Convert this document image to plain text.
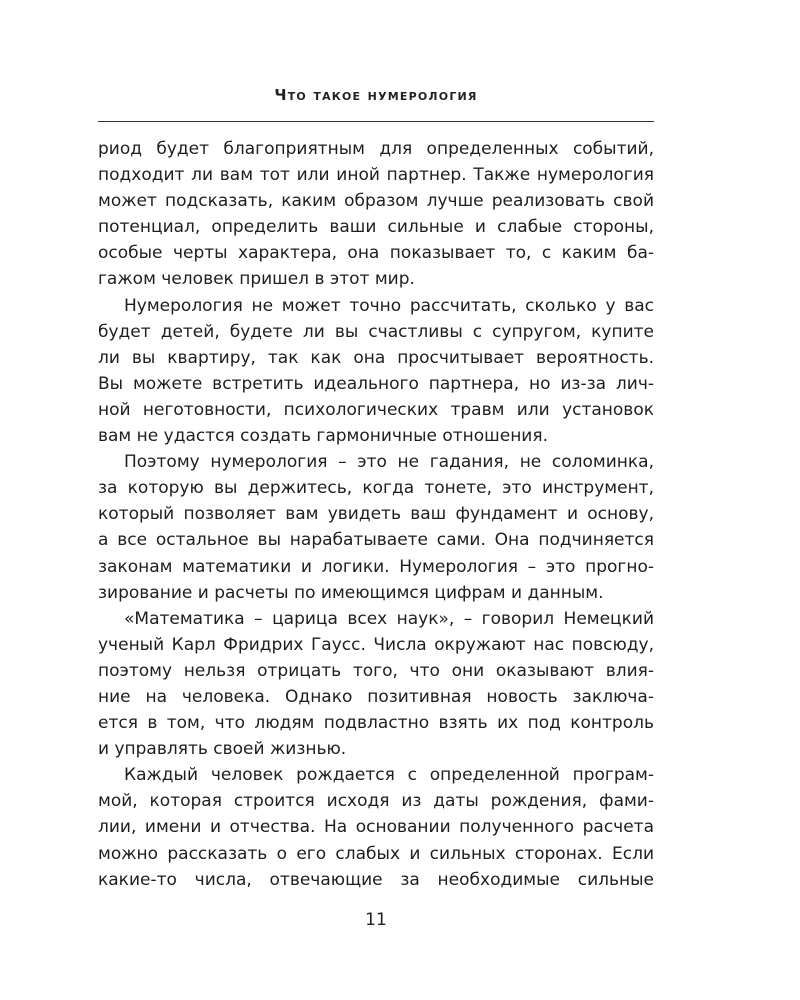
Что такое нумерология
риод будет благоприятным для определенных событий,
подходит ли вам тот или иной партнер. Также нумерология
может подсказать, каким образом лучше реализовать свой
потенциал, определить ваши сильные и слабые стороны,
особые черты характера, она показывает то, с каким ба-
гажом человек пришел в этот мир.
Нумерология не может точно рассчитать, сколько у вас
будет детей, будете ли вы счастливы с супругом, купите
ли вы квартиру, так как она просчитывает вероятность.
Вы можете встретить идеального партнера, но из-за лич-
ной неготовности, психологических травм или установок
вам не удастся создать гармоничные отношения.
Поэтому нумерология – это не гадания, не соломинка,
за которую вы держитесь, когда тонете, это инструмент,
который позволяет вам увидеть ваш фундамент и основу,
а все остальное вы нарабатываете сами. Она подчиняется
законам математики и логики. Нумерология – это прогно-
зирование и расчеты по имеющимся цифрам и данным.
«Математика – царица всех наук», – говорил Немецкий
ученый Карл Фридрих Гаусс. Числа окружают нас повсюду,
поэтому нельзя отрицать того, что они оказывают влия-
ние на человека. Однако позитивная новость заключа-
ется в том, что людям подвластно взять их под контроль
и управлять своей жизнью.
Каждый человек рождается с определенной програм-
мой, которая строится исходя из даты рождения, фами-
лии, имени и отчества. На основании полученного расчета
можно рассказать о его слабых и сильных сторонах. Если
какие-то числа, отвечающие за необходимые сильные
11
